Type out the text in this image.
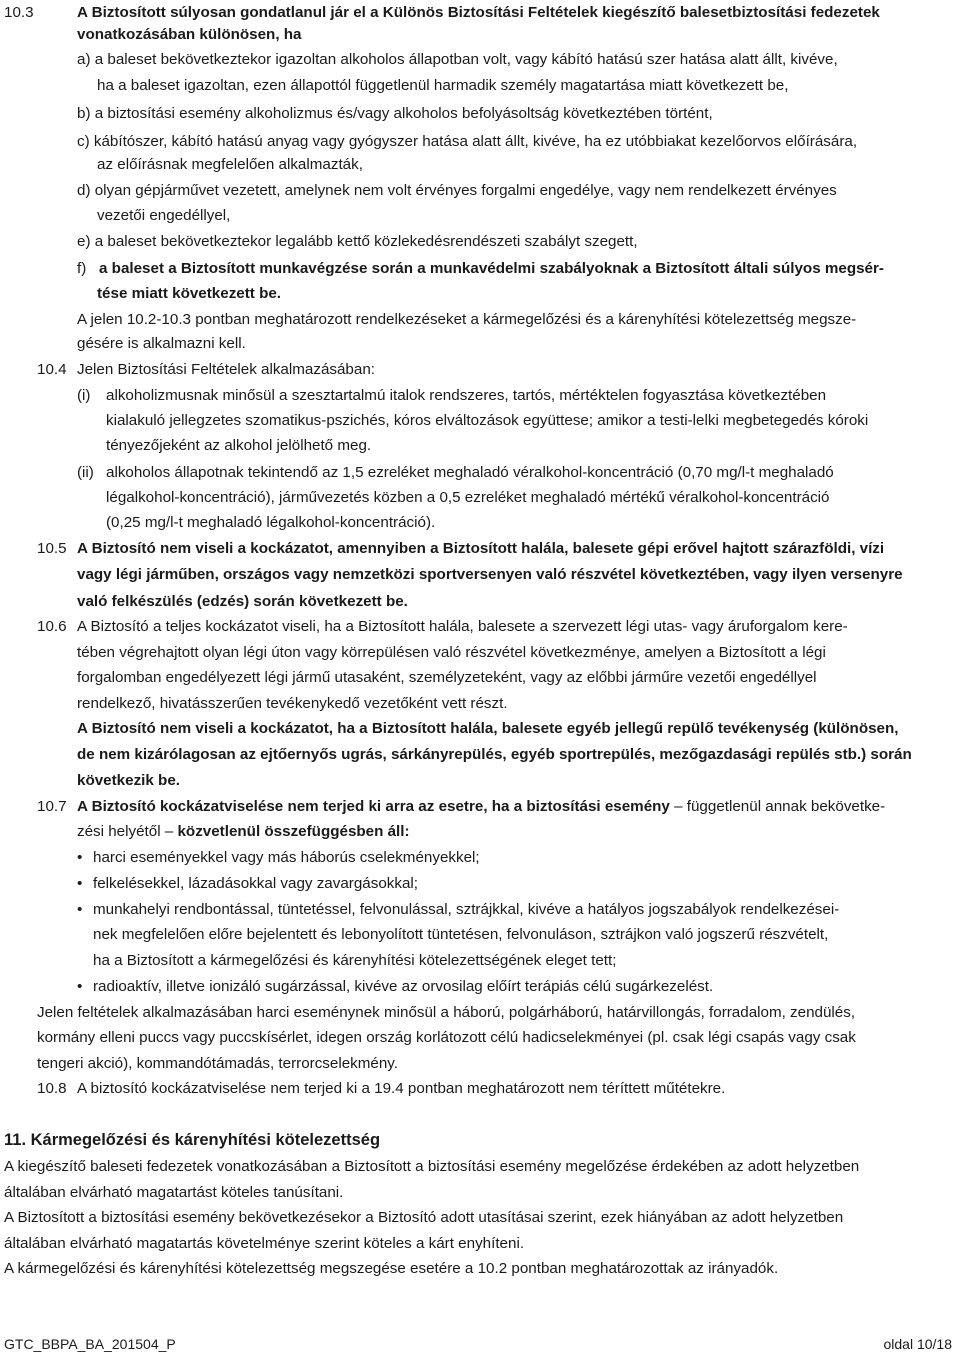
10.3	A Biztosított súlyosan gondatlanul jár el a Különös Biztosítási Feltételek kiegészítő balesetbiztosítási fedezetek
vonatkozásában különösen, ha
a) a baleset bekövetkeztekor igazoltan alkoholos állapotban volt, vagy kábító hatású szer hatása alatt állt, kivéve,
ha a baleset igazoltan, ezen állapottól függetlenül harmadik személy magatartása miatt következett be,
b) a biztosítási esemény alkoholizmus és/vagy alkoholos befolyásoltság következtében történt,
c) kábítószer, kábító hatású anyag vagy gyógyszer hatása alatt állt, kivéve, ha ez utóbbiakat kezelőorvos előírására,
az előírásnak megfelelően alkalmazták,
d) olyan gépjárművet vezetett, amelynek nem volt érvényes forgalmi engedélye, vagy nem rendelkezett érvényes
vezetői engedéllyel,
e) a baleset bekövetkeztekor legalább kettő közlekedésrendészeti szabályt szegett,
f) a baleset a Biztosított munkavégzése során a munkavédelmi szabályoknak a Biztosított általi súlyos megsér-
tése miatt következett be.
A jelen 10.2-10.3 pontban meghatározott rendelkezéseket a kármegelőzési és a kárenyhítési kötelezettség megsze-
gésére is alkalmazni kell.
10.4 Jelen Biztosítási Feltételek alkalmazásában:
(i) alkoholizmusnak minősül a szesztartalmú italok rendszeres, tartós, mértéktelen fogyasztása következtében
kialakuló jellegzetes szomatikus-pszichés, kóros elváltozások együttese; amikor a testi-lelki megbetegedés kóroki
tényezőjeként az alkohol jelölhető meg.
(ii) alkoholos állapotnak tekintendő az 1,5 ezreléket meghaladó véralkohol-koncentráció (0,70 mg/l-t meghaladó
légalkohol-koncentráció), járművezetés közben a 0,5 ezreléket meghaladó mértékű véralkohol-koncentráció
(0,25 mg/l-t meghaladó légalkohol-koncentráció).
10.5 A Biztosító nem viseli a kockázatot, amennyiben a Biztosított halála, balesete gépi erővel hajtott szárazföldi, vízi
vagy légi járműben, országos vagy nemzetközi sportversenyen való részvétel következtében, vagy ilyen versenyre
való felkészülés (edzés) során következett be.
10.6 A Biztosító a teljes kockázatot viseli, ha a Biztosított halála, balesete a szervezett légi utas- vagy áruforgalom kere-
tében végrehajtott olyan légi úton vagy körrepülésen való részvétel következménye, amelyen a Biztosított a légi
forgalomban engedélyezett légi jármű utasaként, személyzeteként, vagy az előbbi járműre vezetői engedéllyel
rendelkező, hivatásszerűen tevékenykedő vezetőként vett részt.
A Biztosító nem viseli a kockázatot, ha a Biztosított halála, balesete egyéb jellegű repülő tevékenység (különösen,
de nem kizárólagosan az ejtőernyős ugrás, sárkányrepülés, egyéb sportrepülés, mezőgazdasági repülés stb.) során
következik be.
10.7 A Biztosító kockázatviselése nem terjed ki arra az esetre, ha a biztosítási esemény – függetlenül annak bekövetke-
zési helyétől – közvetlenül összefüggésben áll:
• harci eseményekkel vagy más háborús cselekményekkel;
• felkelésekkel, lázadásokkal vagy zavargásokkal;
• munkahelyi rendbontással, tüntetéssel, felvonulással, sztrájkkal, kivéve a hatályos jogszabályok rendelkezései-
nek megfelelően előre bejelentett és lebonyolított tüntetésen, felvonuláson, sztrájkon való jogszerű részvételt,
ha a Biztosított a kármegelőzési és kárenyhítési kötelezettségének eleget tett;
• radioaktív, illetve ionizáló sugárzással, kivéve az orvosilag előírt terápiás célú sugárkezelést.
Jelen feltételek alkalmazásában harci eseménynek minősül a háború, polgárháború, határvillongás, forradalom, zendülés,
kormány elleni puccs vagy puccskísérlet, idegen ország korlátozott célú hadicselekményei (pl. csak légi csapás vagy csak
tengeri akció), kommandótámadás, terrorcselekmény.
10.8 A biztosító kockázatviselése nem terjed ki a 19.4 pontban meghatározott nem téríttett műtétekre.
11. Kármegelőzési és kárenyhítési kötelezettség
A kiegészítő baleseti fedezetek vonatkozásában a Biztosított a biztosítási esemény megelőzése érdekében az adott helyzetben
általában elvárható magatartást köteles tanúsítani.
A Biztosított a biztosítási esemény bekövetkezésekor a Biztosító adott utasításai szerint, ezek hiányában az adott helyzetben
általában elvárható magatartás követelménye szerint köteles a kárt enyhíteni.
A kármegelőzési és kárenyhítési kötelezettség megszegése esetére a 10.2 pontban meghatározottak az irányadók.
GTC_BBPA_BA_201504_P	oldal 10/18
